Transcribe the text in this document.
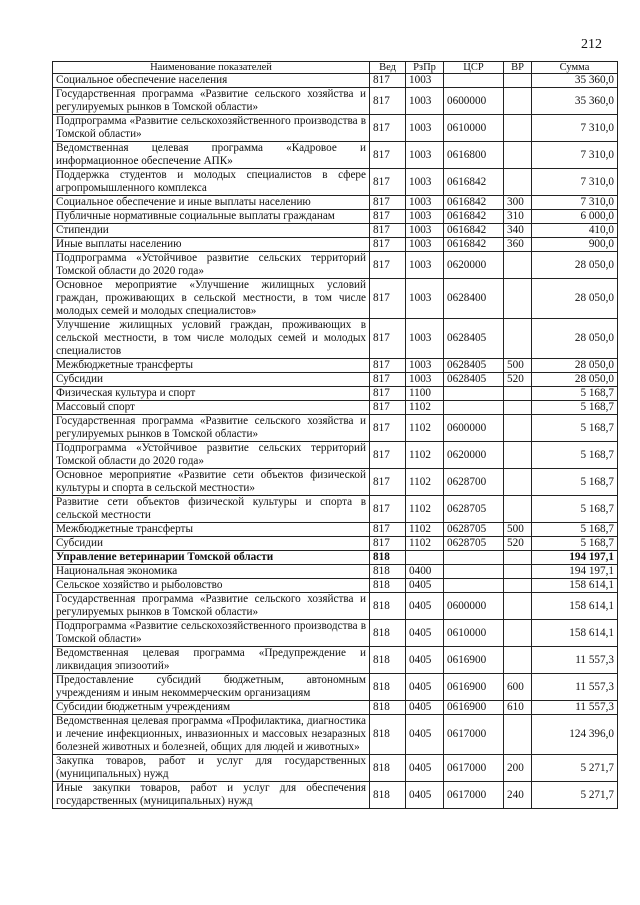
212
Наименование показателей	Вед	РзПр	ЦСР	ВР	Сумма
Социальное обеспечение населения	817	1003			35 360,0
Государственная программа «Развитие сельского хозяйства и регулируемых рынков в Томской области»	817	1003	0600000		35 360,0
Подпрограмма «Развитие сельскохозяйственного производства в Томской области»	817	1003	0610000		7 310,0
Ведомственная целевая программа «Кадровое и информационное обеспечение АПК»	817	1003	0616800		7 310,0
Поддержка студентов и молодых специалистов в сфере агропромышленного комплекса	817	1003	0616842		7 310,0
Социальное обеспечение и иные выплаты населению	817	1003	0616842	300	7 310,0
Публичные нормативные социальные выплаты гражданам	817	1003	0616842	310	6 000,0
Стипендии	817	1003	0616842	340	410,0
Иные выплаты населению	817	1003	0616842	360	900,0
Подпрограмма «Устойчивое развитие сельских территорий Томской области до 2020 года»	817	1003	0620000		28 050,0
Основное мероприятие «Улучшение жилищных условий граждан, проживающих в сельской местности, в том числе молодых семей и молодых специалистов»	817	1003	0628400		28 050,0
Улучшение жилищных условий граждан, проживающих в сельской местности, в том числе молодых семей и молодых специалистов	817	1003	0628405		28 050,0
Межбюджетные трансферты	817	1003	0628405	500	28 050,0
Субсидии	817	1003	0628405	520	28 050,0
Физическая культура и спорт	817	1100			5 168,7
Массовый спорт	817	1102			5 168,7
Государственная программа «Развитие сельского хозяйства и регулируемых рынков в Томской области»	817	1102	0600000		5 168,7
Подпрограмма «Устойчивое развитие сельских территорий Томской области до 2020 года»	817	1102	0620000		5 168,7
Основное мероприятие «Развитие сети объектов физической культуры и спорта в сельской местности»	817	1102	0628700		5 168,7
Развитие сети объектов физической культуры и спорта в сельской местности	817	1102	0628705		5 168,7
Межбюджетные трансферты	817	1102	0628705	500	5 168,7
Субсидии	817	1102	0628705	520	5 168,7
Управление ветеринарии Томской области	818				194 197,1
Национальная экономика	818	0400			194 197,1
Сельское хозяйство и рыболовство	818	0405			158 614,1
Государственная программа «Развитие сельского хозяйства и регулируемых рынков в Томской области»	818	0405	0600000		158 614,1
Подпрограмма «Развитие сельскохозяйственного производства в Томской области»	818	0405	0610000		158 614,1
Ведомственная целевая программа «Предупреждение и ликвидация эпизоотий»	818	0405	0616900		11 557,3
Предоставление субсидий бюджетным, автономным учреждениям и иным некоммерческим организациям	818	0405	0616900	600	11 557,3
Субсидии бюджетным учреждениям	818	0405	0616900	610	11 557,3
Ведомственная целевая программа «Профилактика, диагностика и лечение инфекционных, инвазионных и массовых незаразных болезней животных и болезней, общих для людей и животных»	818	0405	0617000		124 396,0
Закупка товаров, работ и услуг для государственных (муниципальных) нужд	818	0405	0617000	200	5 271,7
Иные закупки товаров, работ и услуг для обеспечения государственных (муниципальных) нужд	818	0405	0617000	240	5 271,7
